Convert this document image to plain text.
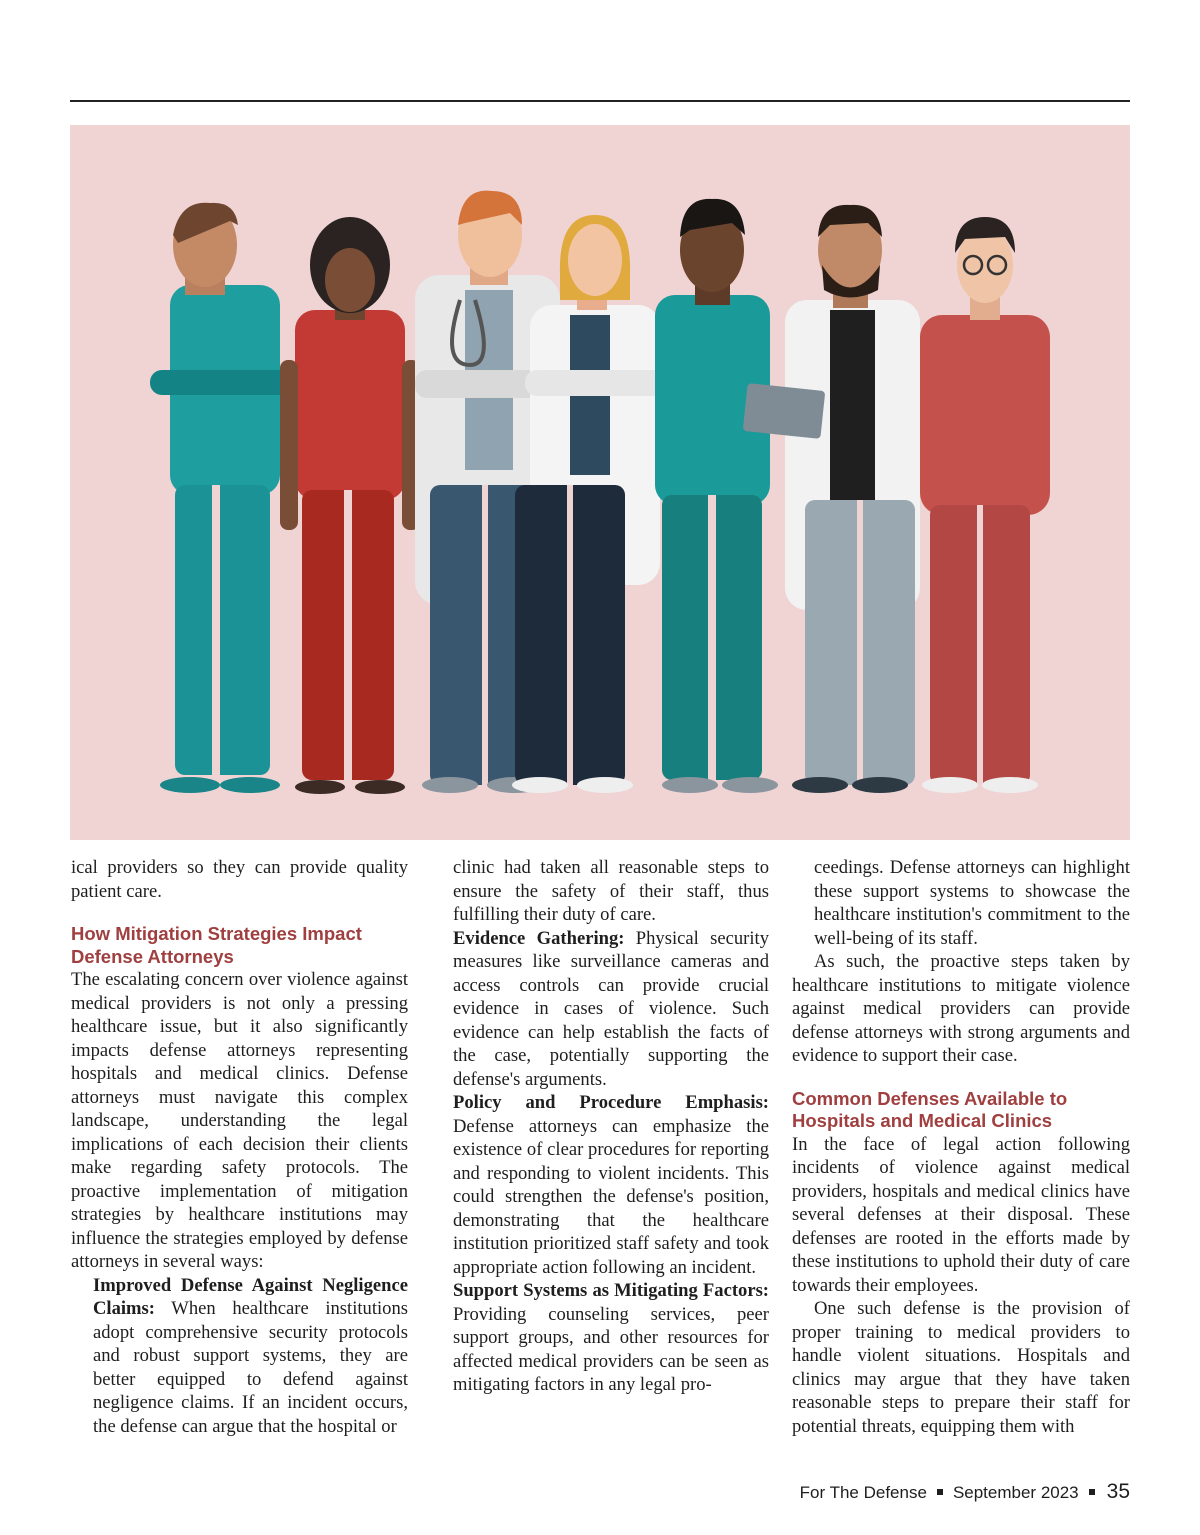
ical providers so they can provide quality patient care.

How Mitigation Strategies Impact Defense Attorneys

The escalating concern over violence against medical providers is not only a pressing healthcare issue, but it also significantly impacts defense attorneys representing hospitals and medical clinics. Defense attorneys must navigate this complex landscape, understanding the legal implications of each decision their clients make regarding safety protocols. The proactive implementation of mitigation strategies by healthcare institutions may influence the strategies employed by defense attorneys in several ways:

Improved Defense Against Negligence Claims: When healthcare institutions adopt comprehensive security protocols and robust support systems, they are better equipped to defend against negligence claims. If an incident occurs, the defense can argue that the hospital or

clinic had taken all reasonable steps to ensure the safety of their staff, thus fulfilling their duty of care.

Evidence Gathering: Physical security measures like surveillance cameras and access controls can provide crucial evidence in cases of violence. Such evidence can help establish the facts of the case, potentially supporting the defense's arguments.

Policy and Procedure Emphasis: Defense attorneys can emphasize the existence of clear procedures for reporting and responding to violent incidents. This could strengthen the defense's position, demonstrating that the healthcare institution prioritized staff safety and took appropriate action following an incident.

Support Systems as Mitigating Factors: Providing counseling services, peer support groups, and other resources for affected medical providers can be seen as mitigating factors in any legal pro-

ceedings. Defense attorneys can highlight these support systems to showcase the healthcare institution's commitment to the well-being of its staff.

As such, the proactive steps taken by healthcare institutions to mitigate violence against medical providers can provide defense attorneys with strong arguments and evidence to support their case.

Common Defenses Available to Hospitals and Medical Clinics

In the face of legal action following incidents of violence against medical providers, hospitals and medical clinics have several defenses at their disposal. These defenses are rooted in the efforts made by these institutions to uphold their duty of care towards their employees.

One such defense is the provision of proper training to medical providers to handle violent situations. Hospitals and clinics may argue that they have taken reasonable steps to prepare their staff for potential threats, equipping them with

For The Defense September 2023 35
